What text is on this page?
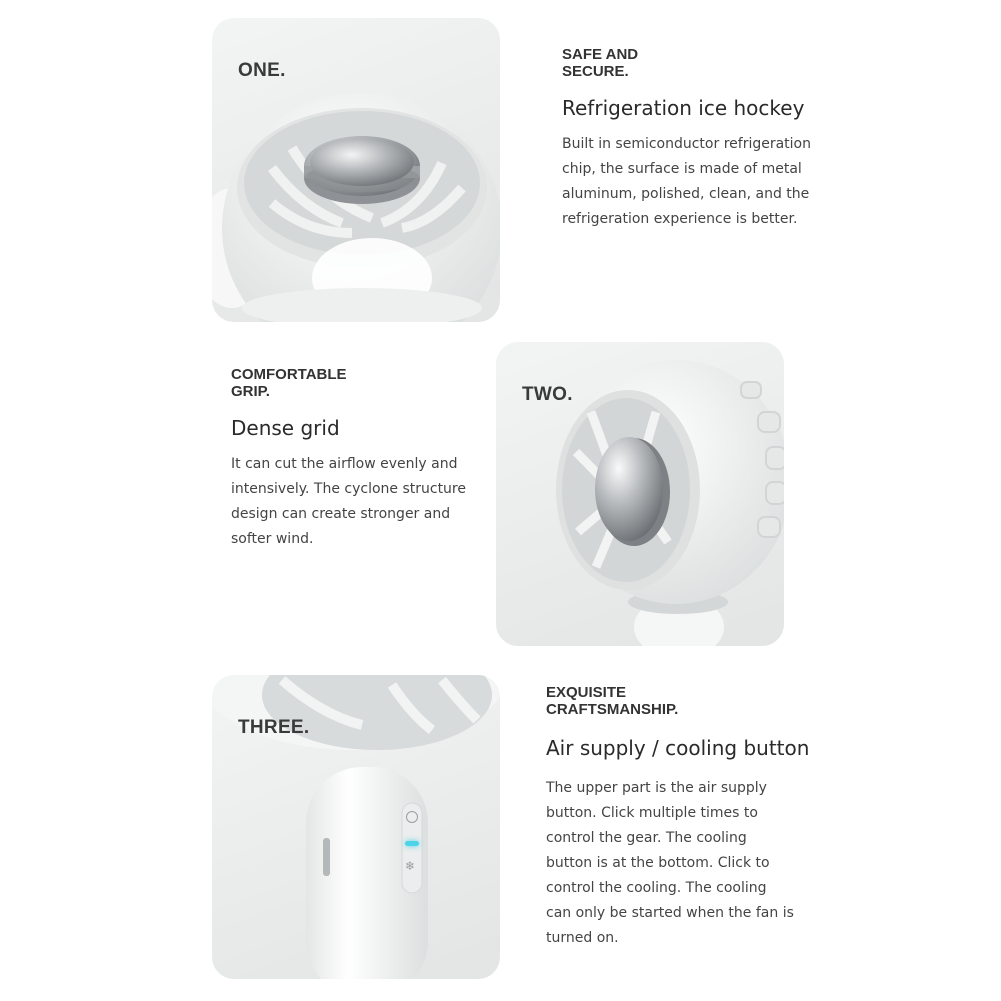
ONE.
SAFE AND
SECURE.
Refrigeration ice hockey
Built in semiconductor refrigeration
chip, the surface is made of metal
aluminum, polished, clean, and the
refrigeration experience is better.
COMFORTABLE
GRIP.
Dense grid
It can cut the airflow evenly and
intensively. The cyclone structure
design can create stronger and
softer wind.
TWO.
THREE.
❄
EXQUISITE
CRAFTSMANSHIP.
Air supply / cooling button
The upper part is the air supply
button. Click multiple times to
control the gear. The cooling
button is at the bottom. Click to
control the cooling. The cooling
can only be started when the fan is
turned on.
